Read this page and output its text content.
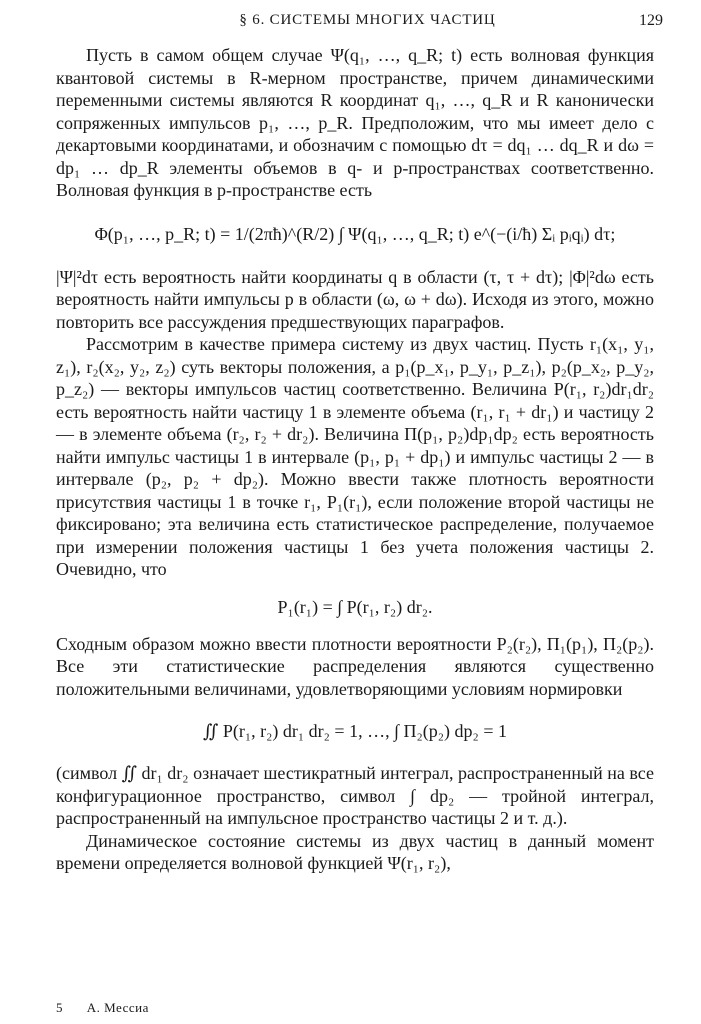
§ 6. СИСТЕМЫ МНОГИХ ЧАСТИЦ	129

Пусть в самом общем случае Ψ(q₁, …, q_R; t) есть волновая функция квантовой системы в R-мерном пространстве, причем динамическими переменными системы являются R координат q₁, …, q_R и R канонически сопряженных импульсов p₁, …, p_R. Предположим, что мы имеет дело с декартовыми координатами, и обозначим с помощью dτ = dq₁ … dq_R и dω = dp₁ … dp_R элементы объемов в q- и p-пространствах соответственно. Волновая функция в p-пространстве есть

Φ(p₁, …, p_R; t) = 1/(2πħ)^(R/2) ∫ Ψ(q₁, …, q_R; t) e^(−(i/ħ) Σᵢ pᵢqᵢ) dτ;

|Ψ|²dτ есть вероятность найти координаты q в области (τ, τ + dτ); |Φ|²dω есть вероятность найти импульсы p в области (ω, ω + dω). Исходя из этого, можно повторить все рассуждения предшествующих параграфов.

Рассмотрим в качестве примера систему из двух частиц. Пусть r₁(x₁, y₁, z₁), r₂(x₂, y₂, z₂) суть векторы положения, а p₁(p_x₁, p_y₁, p_z₁), p₂(p_x₂, p_y₂, p_z₂) — векторы импульсов частиц соответственно. Величина P(r₁, r₂)dr₁dr₂ есть вероятность найти частицу 1 в элементе объема (r₁, r₁ + dr₁) и частицу 2 — в элементе объема (r₂, r₂ + dr₂). Величина Π(p₁, p₂)dp₁dp₂ есть вероятность найти импульс частицы 1 в интервале (p₁, p₁ + dp₁) и импульс частицы 2 — в интервале (p₂, p₂ + dp₂). Можно ввести также плотность вероятности присутствия частицы 1 в точке r₁, P₁(r₁), если положение второй частицы не фиксировано; эта величина есть статистическое распределение, получаемое при измерении положения частицы 1 без учета положения частицы 2. Очевидно, что

P₁(r₁) = ∫ P(r₁, r₂) dr₂.

Сходным образом можно ввести плотности вероятности P₂(r₂), Π₁(p₁), Π₂(p₂). Все эти статистические распределения являются существенно положительными величинами, удовлетворяющими условиям нормировки

∬ P(r₁, r₂) dr₁ dr₂ = 1, …, ∫ Π₂(p₂) dp₂ = 1

(символ ∬ dr₁ dr₂ означает шестикратный интеграл, распространенный на все конфигурационное пространство, символ ∫ dp₂ — тройной интеграл, распространенный на импульсное пространство частицы 2 и т. д.).

Динамическое состояние системы из двух частиц в данный момент времени определяется волновой функцией Ψ(r₁, r₂),

5 А. Мессиа
